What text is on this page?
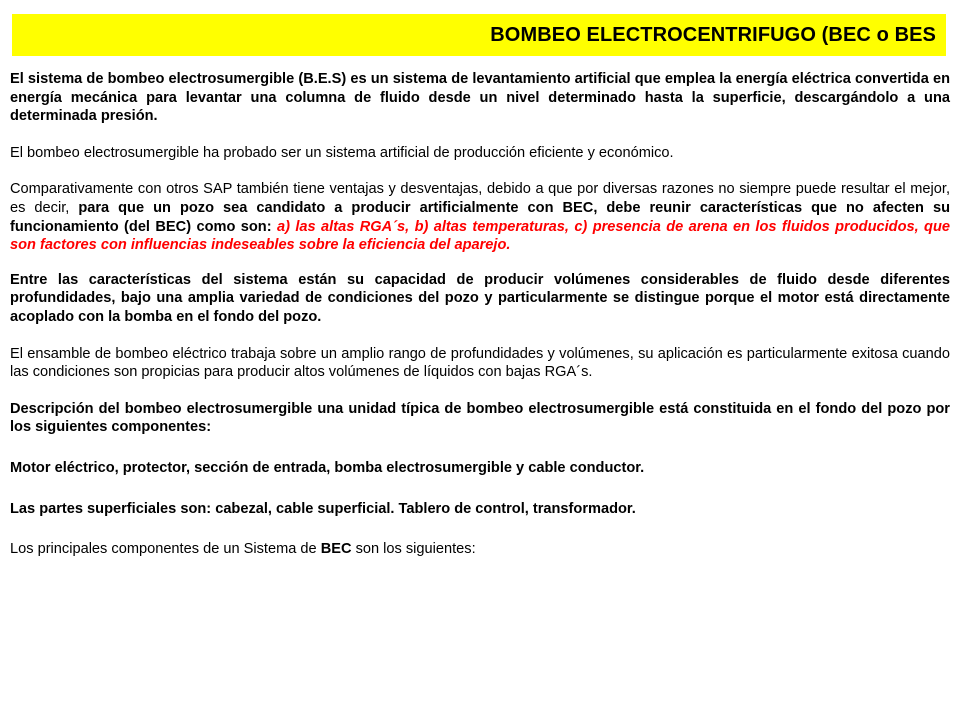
BOMBEO ELECTROCENTRIFUGO (BEC o BES

El sistema de bombeo electrosumergible (B.E.S) es un sistema de levantamiento artificial que emplea la energía eléctrica convertida en energía mecánica para levantar una columna de fluido desde un nivel determinado hasta la superficie, descargándolo a una determinada presión.

El bombeo electrosumergible ha probado ser un sistema artificial de producción eficiente y económico.

Comparativamente con otros SAP también tiene ventajas y desventajas, debido a que por diversas razones no siempre puede resultar el mejor, es decir, para que un pozo sea candidato a producir artificialmente con BEC, debe reunir características que no afecten su funcionamiento (del BEC) como son: a) las altas RGA´s, b) altas temperaturas, c) presencia de arena en los fluidos producidos, que son factores con influencias indeseables sobre la eficiencia del aparejo.

Entre las características del sistema están su capacidad de producir volúmenes considerables de fluido desde diferentes profundidades, bajo una amplia variedad de condiciones del pozo y particularmente se distingue porque el motor está directamente acoplado con la bomba en el fondo del pozo.

El ensamble de bombeo eléctrico trabaja sobre un amplio rango de profundidades y volúmenes, su aplicación es particularmente exitosa cuando las condiciones son propicias para producir altos volúmenes de líquidos con bajas RGA´s.

Descripción del bombeo electrosumergible una unidad típica de bombeo electrosumergible está constituida en el fondo del pozo por los siguientes componentes:

Motor eléctrico, protector, sección de entrada, bomba electrosumergible y cable conductor.

Las partes superficiales son: cabezal, cable superficial. Tablero de control, transformador.

Los principales componentes de un Sistema de BEC son los siguientes:
